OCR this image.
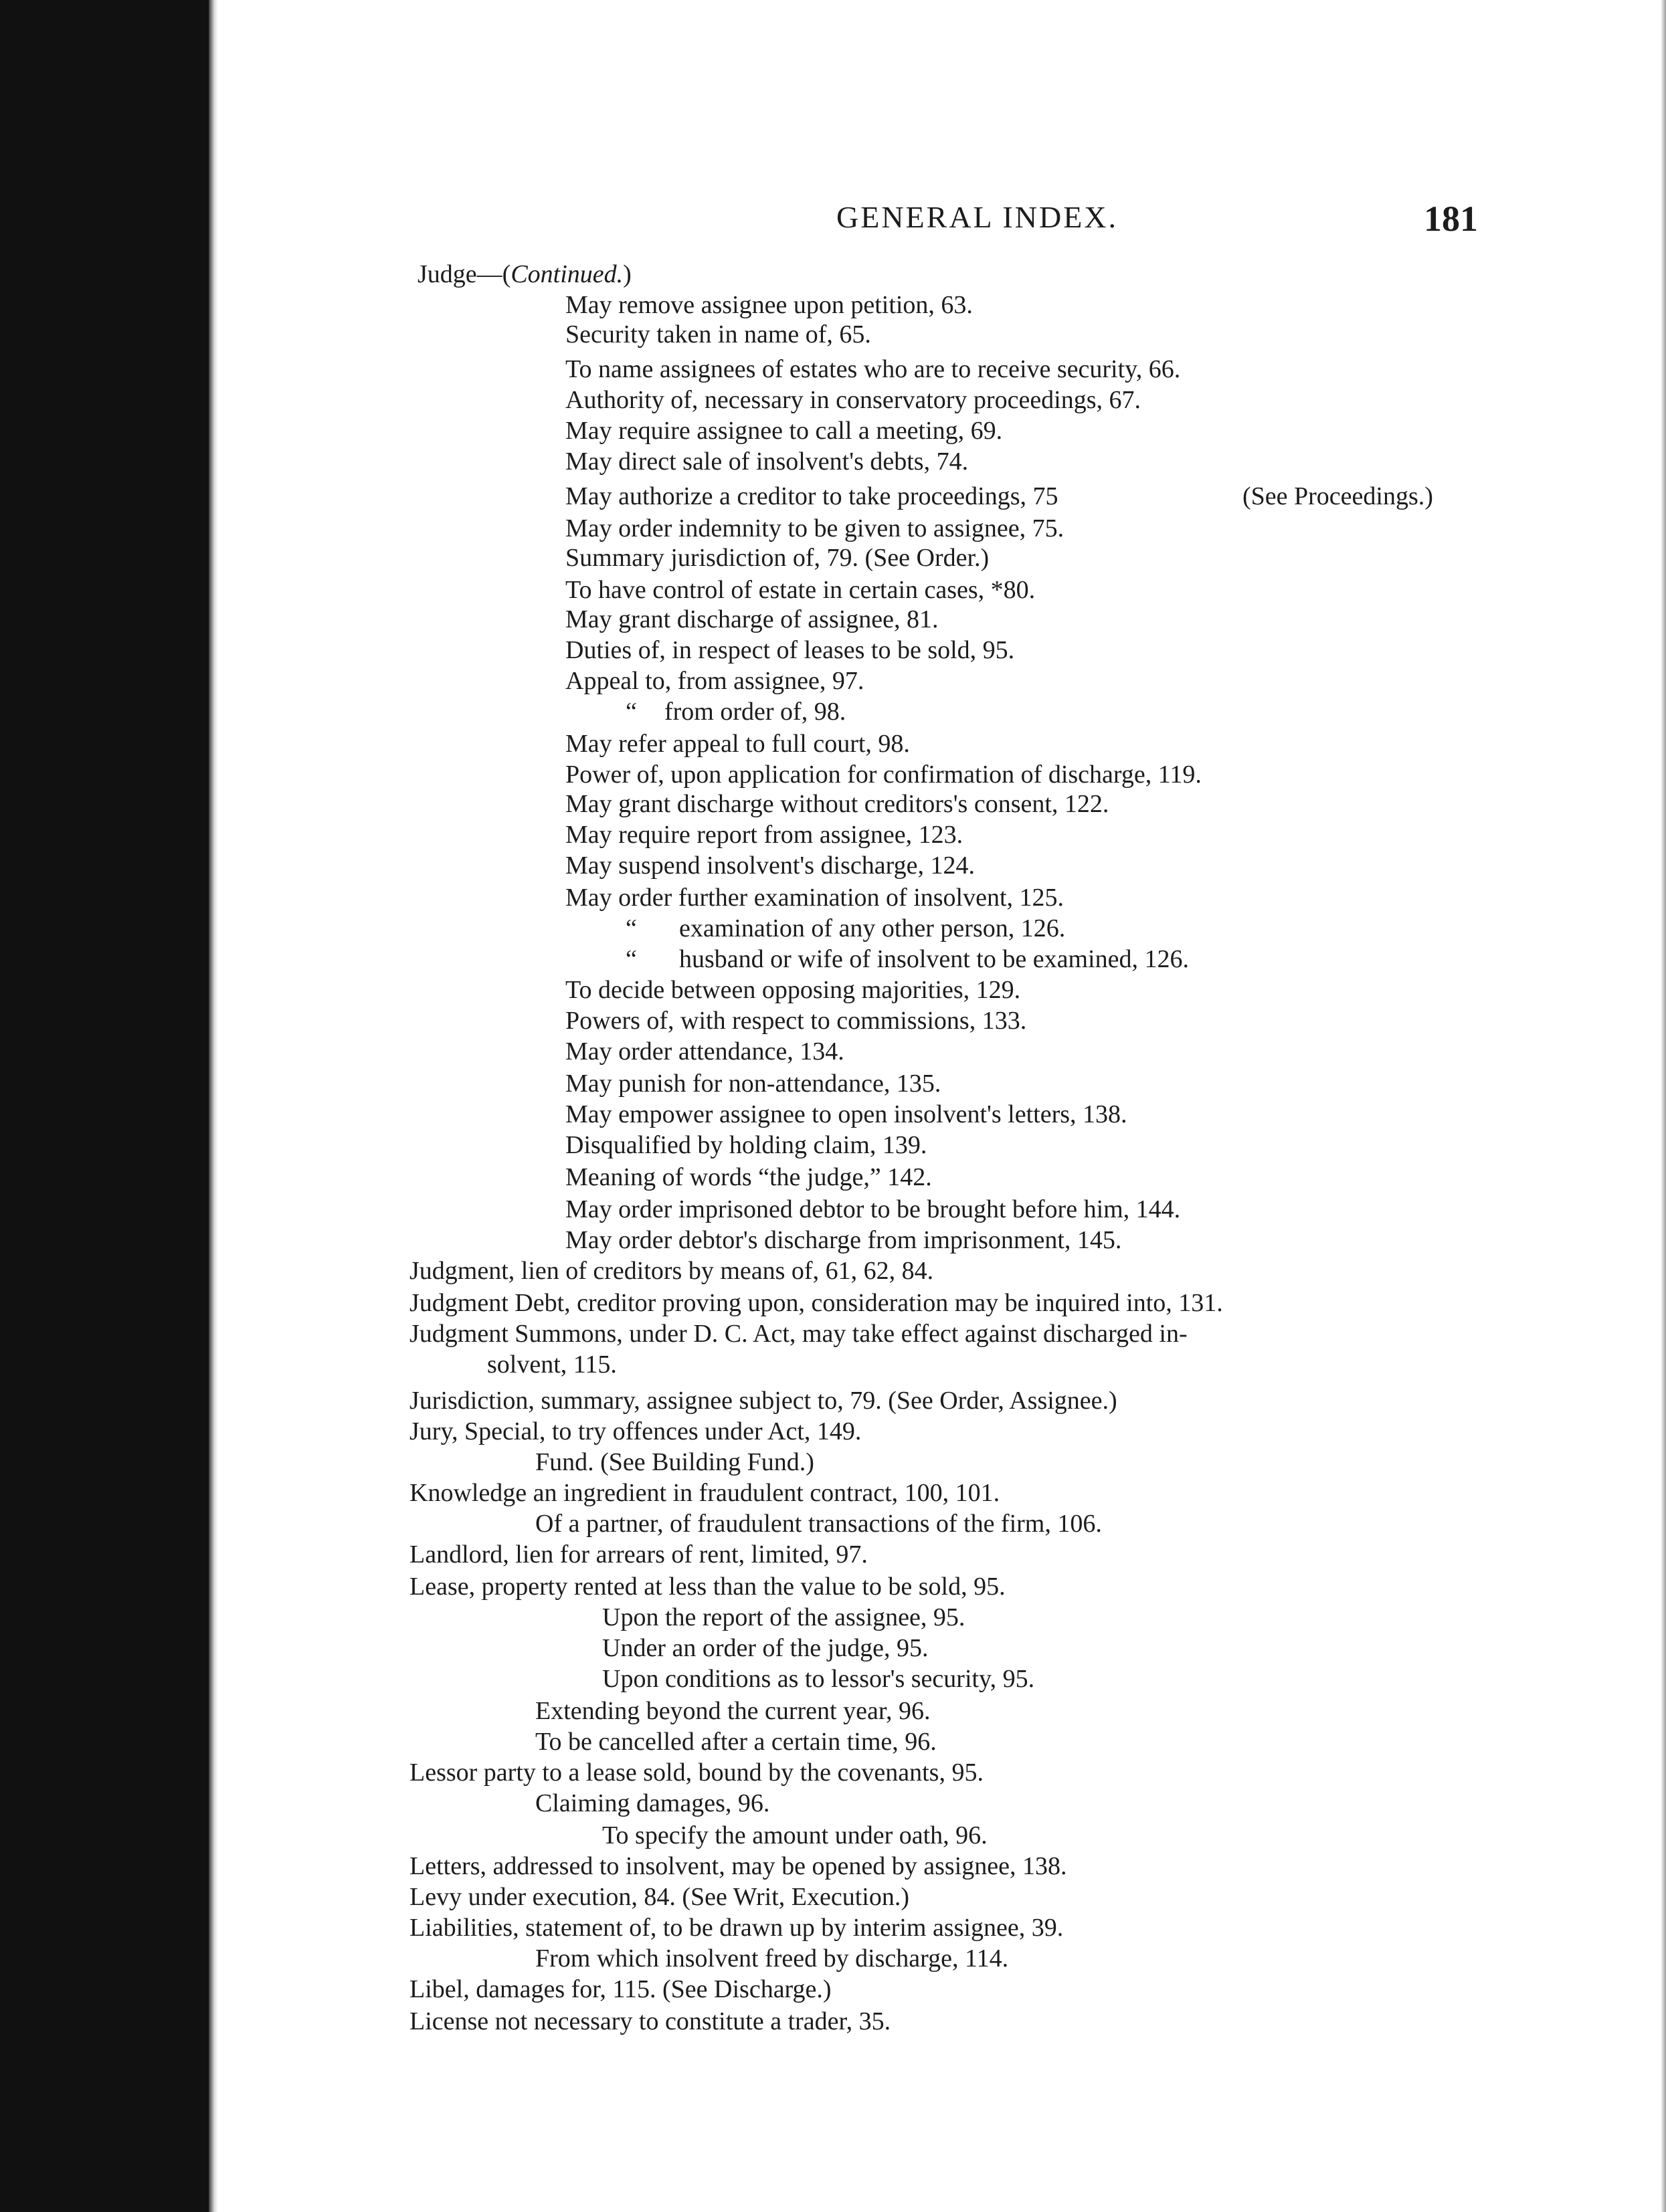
GENERAL INDEX.	181
Judge—(Continued.)
May remove assignee upon petition, 63.
Security taken in name of, 65.
To name assignees of estates who are to receive security, 66.
Authority of, necessary in conservatory proceedings, 67.
May require assignee to call a meeting, 69.
May direct sale of insolvent's debts, 74.
May authorize a creditor to take proceedings, 75	(See Proceedings.)
May order indemnity to be given to assignee, 75.
Summary jurisdiction of, 79. (See Order.)
To have control of estate in certain cases, *80.
May grant discharge of assignee, 81.
Duties of, in respect of leases to be sold, 95.
Appeal to, from assignee, 97.
“ from order of, 98.
May refer appeal to full court, 98.
Power of, upon application for confirmation of discharge, 119.
May grant discharge without creditors's consent, 122.
May require report from assignee, 123.
May suspend insolvent's discharge, 124.
May order further examination of insolvent, 125.
“ examination of any other person, 126.
“ husband or wife of insolvent to be examined, 126.
To decide between opposing majorities, 129.
Powers of, with respect to commissions, 133.
May order attendance, 134.
May punish for non-attendance, 135.
May empower assignee to open insolvent's letters, 138.
Disqualified by holding claim, 139.
Meaning of words “the judge,” 142.
May order imprisoned debtor to be brought before him, 144.
May order debtor's discharge from imprisonment, 145.
Judgment, lien of creditors by means of, 61, 62, 84.
Judgment Debt, creditor proving upon, consideration may be inquired into, 131.
Judgment Summons, under D. C. Act, may take effect against discharged in-
solvent, 115.
Jurisdiction, summary, assignee subject to, 79. (See Order, Assignee.)
Jury, Special, to try offences under Act, 149.
Fund. (See Building Fund.)
Knowledge an ingredient in fraudulent contract, 100, 101.
Of a partner, of fraudulent transactions of the firm, 106.
Landlord, lien for arrears of rent, limited, 97.
Lease, property rented at less than the value to be sold, 95.
Upon the report of the assignee, 95.
Under an order of the judge, 95.
Upon conditions as to lessor's security, 95.
Extending beyond the current year, 96.
To be cancelled after a certain time, 96.
Lessor party to a lease sold, bound by the covenants, 95.
Claiming damages, 96.
To specify the amount under oath, 96.
Letters, addressed to insolvent, may be opened by assignee, 138.
Levy under execution, 84. (See Writ, Execution.)
Liabilities, statement of, to be drawn up by interim assignee, 39.
From which insolvent freed by discharge, 114.
Libel, damages for, 115. (See Discharge.)
License not necessary to constitute a trader, 35.
